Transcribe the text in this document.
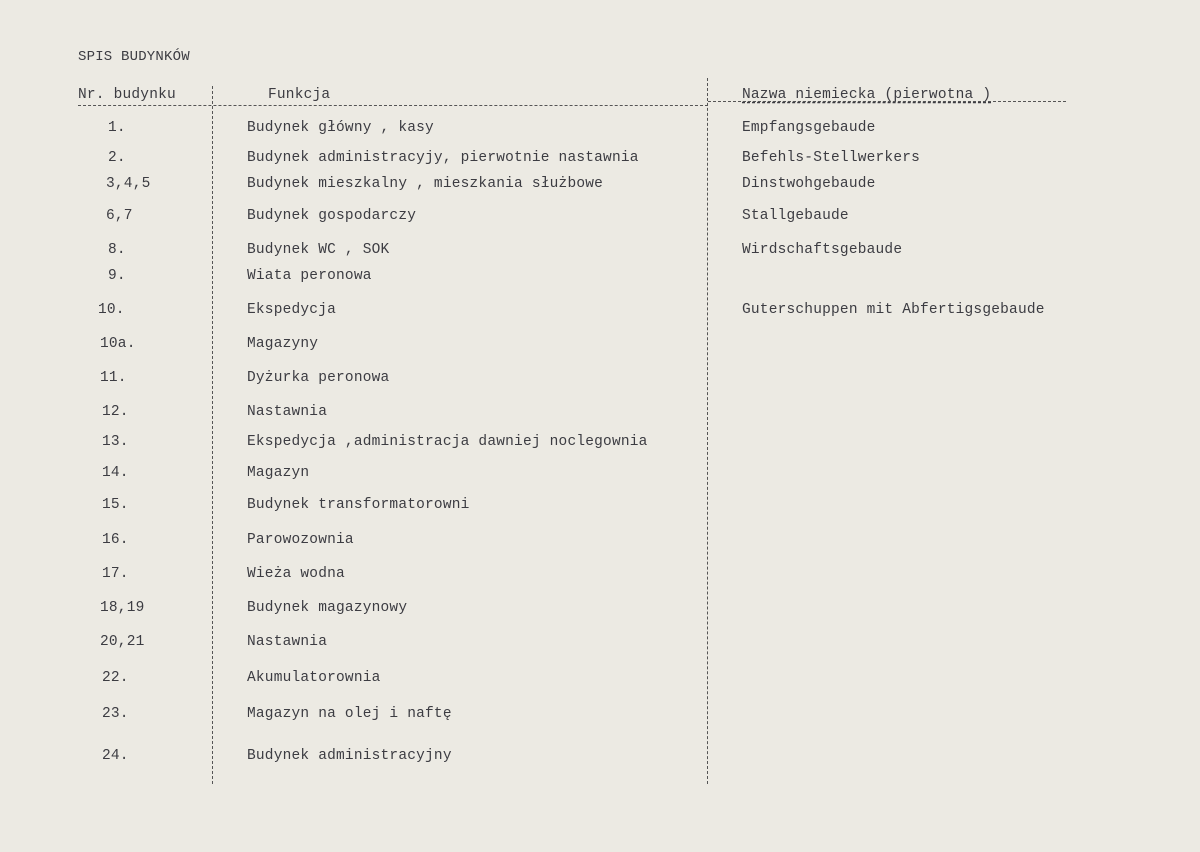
SPIS BUDYNKÓW
Nr. budynku	Funkcja	Nazwa niemiecka (pierwotna )
1.	Budynek główny , kasy	Empfangsgebaude
2.	Budynek administracyjy, pierwotnie nastawnia	Befehls-Stellwerkers
3,4,5	Budynek mieszkalny , mieszkania służbowe	Dinstwohgebaude
6,7	Budynek gospodarczy	Stallgebaude
8.	Budynek WC , SOK	Wirdschaftsgebaude
9.	Wiata peronowa
10.	Ekspedycja	Guterschuppen mit Abfertigsgebaude
10a.	Magazyny
11.	Dyżurka peronowa
12.	Nastawnia
13.	Ekspedycja ,administracja dawniej noclegownia
14.	Magazyn
15.	Budynek transformatorowni
16.	Parowozownia
17.	Wieża wodna
18,19	Budynek magazynowy
20,21	Nastawnia
22.	Akumulatorownia
23.	Magazyn na olej i naftę
24.	Budynek administracyjny
